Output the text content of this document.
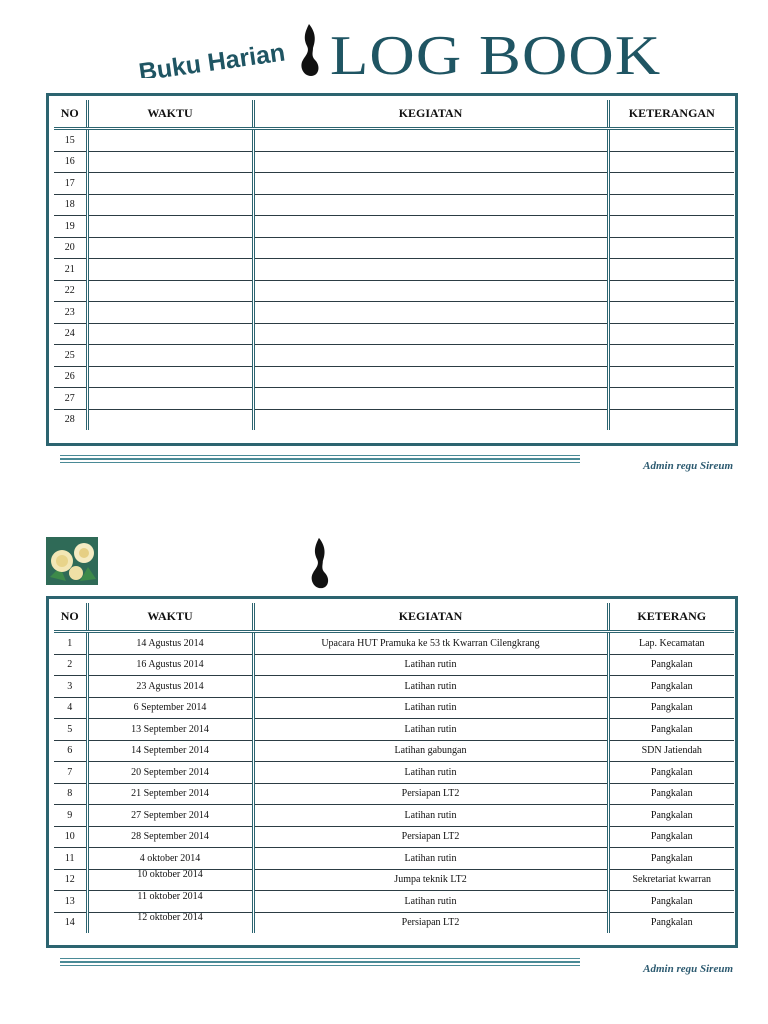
Buku Harian LOG BOOK
NO	WAKTU	KEGIATAN	KETERANGAN
15			
16			
17			
18			
19			
20			
21			
22			
23			
24			
25			
26			
27			
28			
Admin regu Sireum
NO	WAKTU	KEGIATAN	KETERANG
1	14 Agustus 2014	Upacara HUT Pramuka ke 53 tk Kwarran Cilengkrang	Lap. Kecamatan
2	16 Agustus 2014	Latihan rutin	Pangkalan
3	23 Agustus 2014	Latihan rutin	Pangkalan
4	6 September 2014	Latihan rutin	Pangkalan
5	13 September 2014	Latihan rutin	Pangkalan
6	14 September 2014	Latihan gabungan	SDN Jatiendah
7	20 September 2014	Latihan rutin	Pangkalan
8	21 September 2014	Persiapan LT2	Pangkalan
9	27 September 2014	Latihan rutin	Pangkalan
10	28 September 2014	Persiapan LT2	Pangkalan
11	4 oktober 2014	Latihan rutin	Pangkalan
12	10 oktober 2014	Jumpa teknik LT2	Sekretariat kwarran
13	11 oktober 2014	Latihan rutin	Pangkalan
14	12 oktober 2014	Persiapan LT2	Pangkalan
Admin regu Sireum
